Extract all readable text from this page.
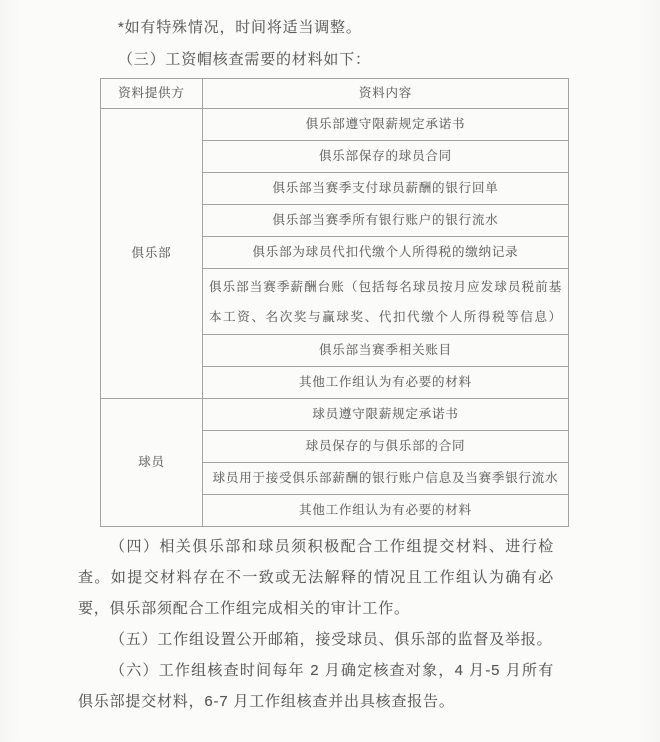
*如有特殊情况，时间将适当调整。
（三）工资帽核查需要的材料如下：
资料提供方	资料内容
俱乐部	俱乐部遵守限薪规定承诺书
	俱乐部保存的球员合同
	俱乐部当赛季支付球员薪酬的银行回单
	俱乐部当赛季所有银行账户的银行流水
	俱乐部为球员代扣代缴个人所得税的缴纳记录
	俱乐部当赛季薪酬台账（包括每名球员按月应发球员税前基本工资、名次奖与赢球奖、代扣代缴个人所得税等信息）
	俱乐部当赛季相关账目
	其他工作组认为有必要的材料
球员	球员遵守限薪规定承诺书
	球员保存的与俱乐部的合同
	球员用于接受俱乐部薪酬的银行账户信息及当赛季银行流水
	其他工作组认为有必要的材料

（四）相关俱乐部和球员须积极配合工作组提交材料、进行检查。如提交材料存在不一致或无法解释的情况且工作组认为确有必要，俱乐部须配合工作组完成相关的审计工作。

（五）工作组设置公开邮箱，接受球员、俱乐部的监督及举报。

（六）工作组核查时间每年 2 月确定核查对象，4 月-5 月所有俱乐部提交材料，6-7 月工作组核查并出具核查报告。
